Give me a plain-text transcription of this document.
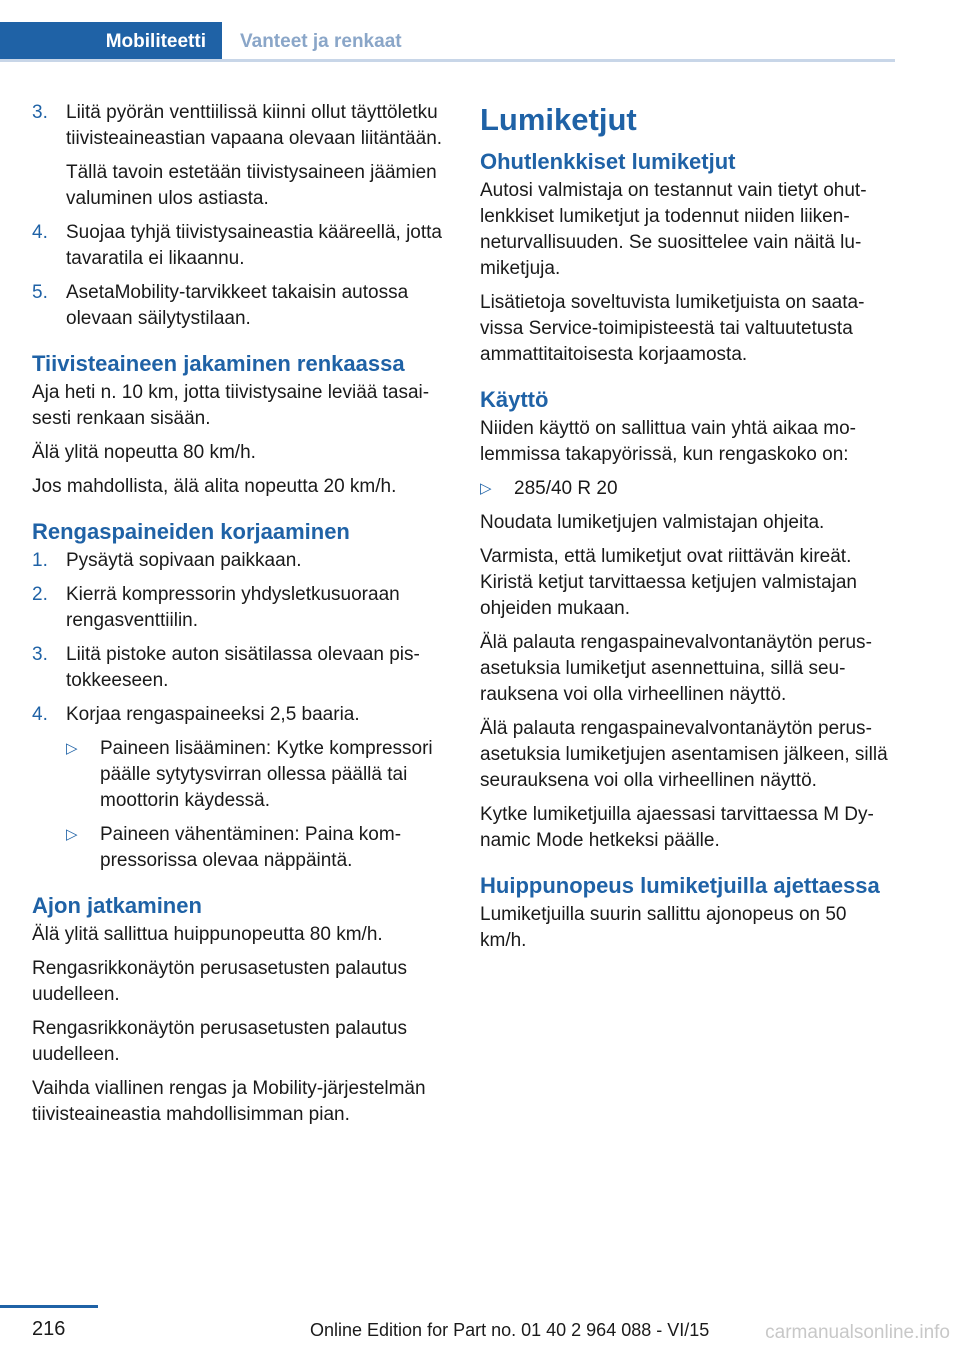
Mobiliteetti	Vanteet ja renkaat
3. Liitä pyörän venttiilissä kiinni ollut täyttöletku tiivisteaineastian vapaana olevaan liitäntään.

Tällä tavoin estetään tiivistysaineen jäämien valuminen ulos astiasta.

4. Suojaa tyhjä tiivistysaineastia kääreellä, jotta tavaratila ei likaannu.

5. AsetaMobility-tarvikkeet takaisin autossa olevaan säilytystilaan.

Tiivisteaineen jakaminen renkaassa

Aja heti n. 10 km, jotta tiivistysaine leviää tasaisesti renkaan sisään.

Älä ylitä nopeutta 80 km/h.

Jos mahdollista, älä alita nopeutta 20 km/h.

Rengaspaineiden korjaaminen
1. Pysäytä sopivaan paikkaan.

2. Kierrä kompressorin yhdysletkusuoraan rengasventtiilin.

3. Liitä pistoke auton sisätilassa olevaan pistokkeeseen.

4. Korjaa rengaspaineeksi 2,5 baaria.

▷ Paineen lisääminen: Kytke kompressori päälle sytytysvirran ollessa päällä tai moottorin käydessä.
▷ Paineen vähentäminen: Paina kompressorissa olevaa näppäintä.
Ajon jatkaminen

Älä ylitä sallittua huippunopeutta 80 km/h.

Rengasrikkonäytön perusasetusten palautus uudelleen.

Rengasrikkonäytön perusasetusten palautus uudelleen.

Vaihda viallinen rengas ja Mobility-järjestelmän tiivisteaineastia mahdollisimman pian.

Lumiketjut
Ohutlenkkiset lumiketjut

Autosi valmistaja on testannut vain tietyt ohutlenkkiset lumiketjut ja todennut niiden liikenneturvallisuuden. Se suosittelee vain näitä lumiketjuja.

Lisätietoja soveltuvista lumiketjuista on saatavissa Service-toimipisteestä tai valtuutetusta ammattitaitoisesta korjaamosta.

Käyttö

Niiden käyttö on sallittua vain yhtä aikaa molemmissa takapyörissä, kun rengaskoko on:

▷ 285/40 R 20

Noudata lumiketjujen valmistajan ohjeita.

Varmista, että lumiketjut ovat riittävän kireät. Kiristä ketjut tarvittaessa ketjujen valmistajan ohjeiden mukaan.

Älä palauta rengaspainevalvontanäytön perusasetuksia lumiketjut asennettuina, sillä seurauksena voi olla virheellinen näyttö.

Älä palauta rengaspainevalvontanäytön perusasetuksia lumiketjujen asentamisen jälkeen, sillä seurauksena voi olla virheellinen näyttö.

Kytke lumiketjuilla ajaessasi tarvittaessa M Dynamic Mode hetkeksi päälle.

Huippunopeus lumiketjuilla ajettaessa

Lumiketjuilla suurin sallittu ajonopeus on 50 km/h.

216	Online Edition for Part no. 01 40 2 964 088 - VI/15	carmanualsonline.info
